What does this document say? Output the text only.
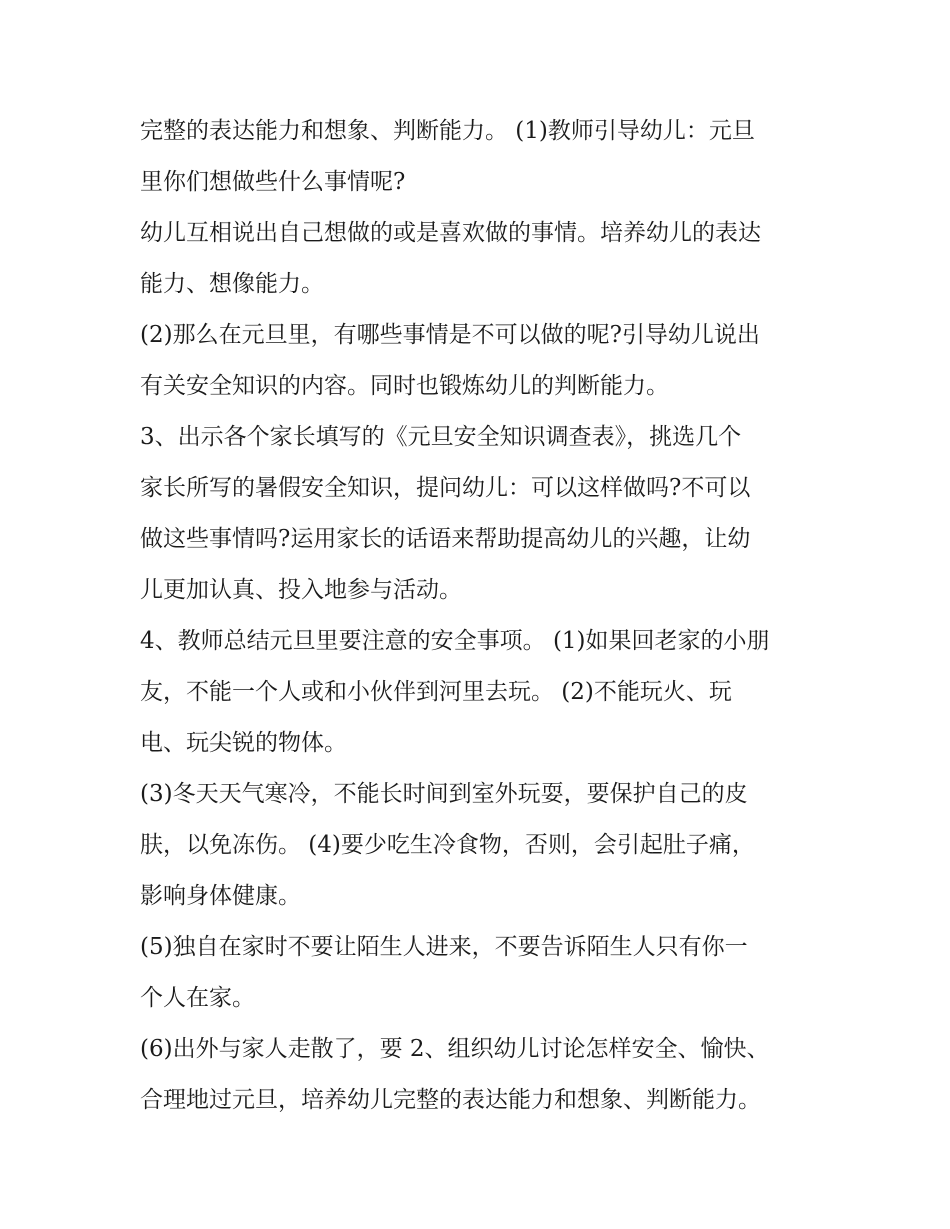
完整的表达能力和想象、判断能力。 (1)教师引导幼儿：元旦
里你们想做些什么事情呢?
幼儿互相说出自己想做的或是喜欢做的事情。培养幼儿的表达
能力、想像能力。
(2)那么在元旦里，有哪些事情是不可以做的呢?引导幼儿说出
有关安全知识的内容。同时也锻炼幼儿的判断能力。
3、出示各个家长填写的《元旦安全知识调查表》，挑选几个
家长所写的暑假安全知识，提问幼儿：可以这样做吗?不可以
做这些事情吗?运用家长的话语来帮助提高幼儿的兴趣，让幼
儿更加认真、投入地参与活动。
4、教师总结元旦里要注意的安全事项。 (1)如果回老家的小朋
友，不能一个人或和小伙伴到河里去玩。 (2)不能玩火、玩
电、玩尖锐的物体。
(3)冬天天气寒冷，不能长时间到室外玩耍，要保护自己的皮
肤，以免冻伤。 (4)要少吃生冷食物，否则，会引起肚子痛，
影响身体健康。
(5)独自在家时不要让陌生人进来，不要告诉陌生人只有你一
个人在家。
(6)出外与家人走散了，要 2、组织幼儿讨论怎样安全、愉快、
合理地过元旦，培养幼儿完整的表达能力和想象、判断能力。
